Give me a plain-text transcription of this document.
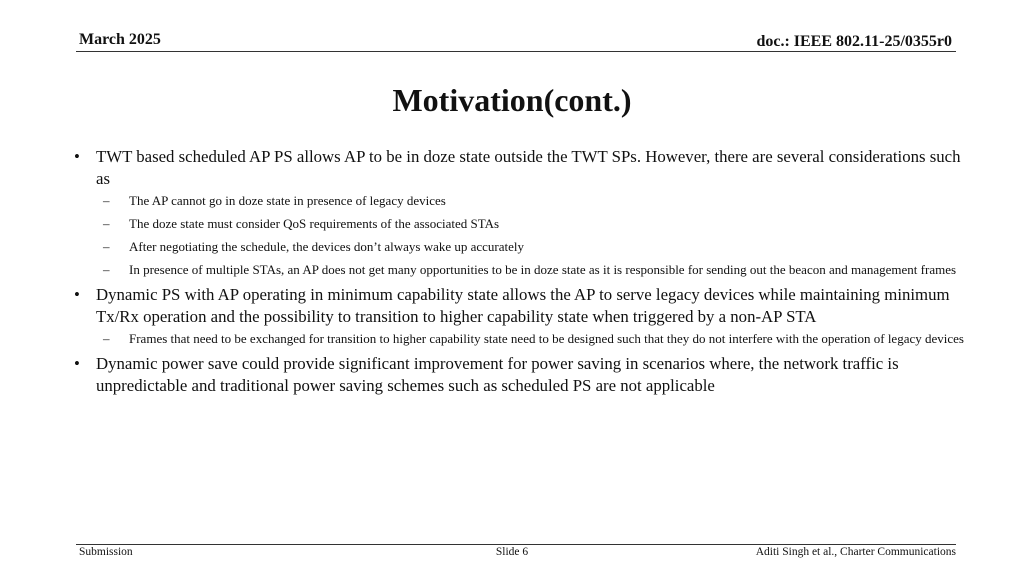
March 2025	doc.: IEEE 802.11-25/0355r0
Motivation(cont.)
• TWT based scheduled AP PS allows AP to be in doze state outside the TWT SPs. However, there are several considerations such as
– The AP cannot go in doze state in presence of legacy devices
– The doze state must consider QoS requirements of the associated STAs
– After negotiating the schedule, the devices don’t always wake up accurately
– In presence of multiple STAs, an AP does not get many opportunities to be in doze state as it is responsible for sending out the beacon and management frames
• Dynamic PS with AP operating in minimum capability state allows the AP to serve legacy devices while maintaining minimum Tx/Rx operation and the possibility to transition to higher capability state when triggered by a non-AP STA
– Frames that need to be exchanged for transition to higher capability state need to be designed such that they do not interfere with the operation of legacy devices
• Dynamic power save could provide significant improvement for power saving in scenarios where, the network traffic is unpredictable and traditional power saving schemes such as scheduled PS are not applicable
Submission	Slide 6	Aditi Singh et al., Charter Communications
